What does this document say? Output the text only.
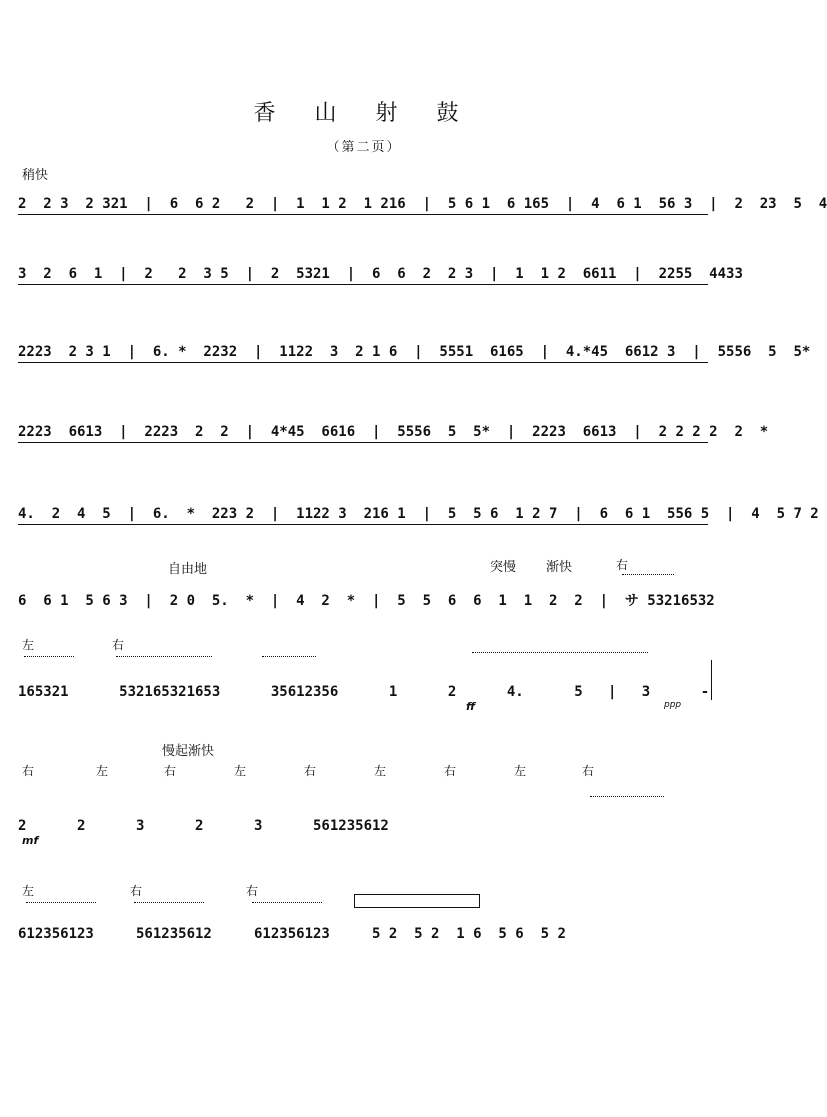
香 山 射 鼓
（第二页）
稍快
2  2 3  2 321  |  6  6 2   2  |  1  1 2  1 216  |  5 6 1  6 165  |  4  6 1  56 3  |  2  23  5  4
3  2  6  1  |  2   2  3 5  |  2  5321  |  6  6  2  2 3  |  1  1 2  6611  |  2255  4433
2223  2 3 1  |  6. *  2232  |  1122  3  2 1 6  |  5551  6165  |  4.*45  6612 3  |  5556  5  5*
2223  6613  |  2223  2  2  |  4*45  6616  |  5556  5  5*  |  2223  6613  |  2 2 2 2  2  *
4.  2  4  5  |  6.  *  223 2  |  1122 3  216 1  |  5  5 6  1 2 7  |  6  6 1  556 5  |  4  5 7 2
自由地	突慢 渐快	右
6  6 1  5 6 3  |  2 0  5.  *  |  4  2  *  |  5  5  6  6  1  1  2  2  |  サ 53216532
左	右
165321      532165321653      35612356      1      2      4.      5   |   3      -
ff	ppp
慢起渐快
右	左	右	左	右	左	右	左	右
2      2      3      2      3      561235612
mf
左	右	右
612356123     561235612     612356123     5 2  5 2  1 6  5 6  5 2
